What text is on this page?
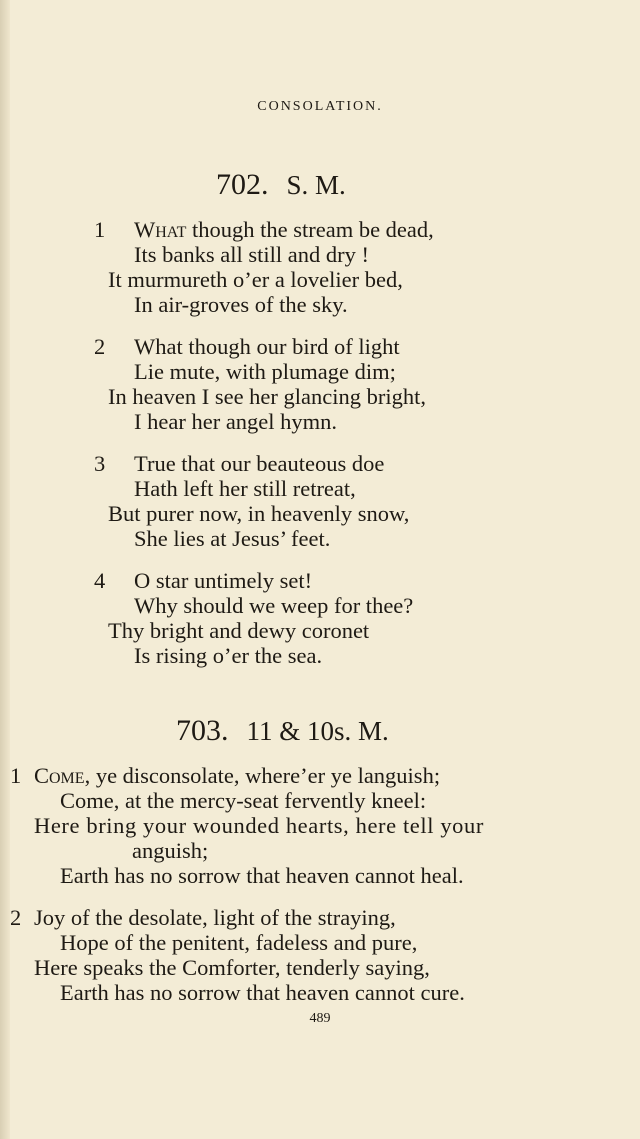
CONSOLATION.
702. S. M.
1 What though the stream be dead,
Its banks all still and dry !
It murmureth o’er a lovelier bed,
In air-groves of the sky.
2 What though our bird of light
Lie mute, with plumage dim;
In heaven I see her glancing bright,
I hear her angel hymn.
3 True that our beauteous doe
Hath left her still retreat,
But purer now, in heavenly snow,
She lies at Jesus’ feet.
4 O star untimely set!
Why should we weep for thee?
Thy bright and dewy coronet
Is rising o’er the sea.
703. 11 & 10s. M.
1 Come, ye disconsolate, where’er ye languish;
Come, at the mercy-seat fervently kneel:
Here bring your wounded hearts, here tell your
anguish;
Earth has no sorrow that heaven cannot heal.
2 Joy of the desolate, light of the straying,
Hope of the penitent, fadeless and pure,
Here speaks the Comforter, tenderly saying,
Earth has no sorrow that heaven cannot cure.
489
